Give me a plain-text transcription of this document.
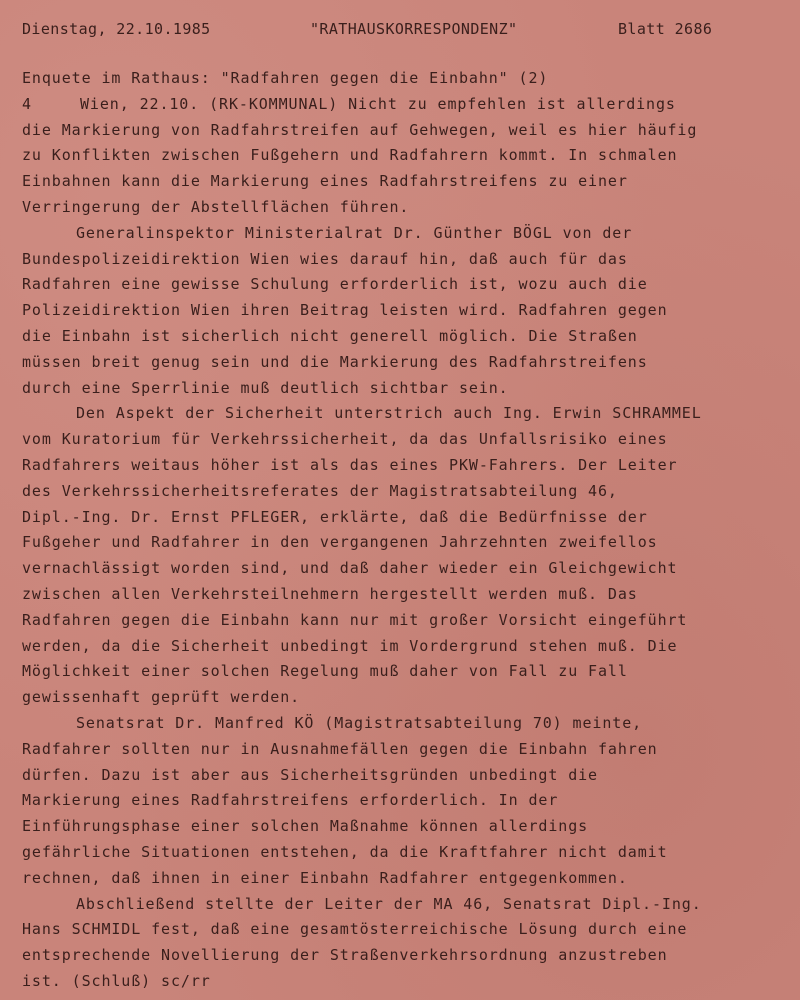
Dienstag, 22.10.1985	"RATHAUSKORRESPONDENZ"	Blatt 2686
Enquete im Rathaus: "Radfahren gegen die Einbahn" (2)
4	Wien, 22.10. (RK-KOMMUNAL) Nicht zu empfehlen ist allerdings
die Markierung von Radfahrstreifen auf Gehwegen, weil es hier häufig
zu Konflikten zwischen Fußgehern und Radfahrern kommt. In schmalen
Einbahnen kann die Markierung eines Radfahrstreifens zu einer
Verringerung der Abstellflächen führen.
Generalinspektor Ministerialrat Dr. Günther BÖGL von der
Bundespolizeidirektion Wien wies darauf hin, daß auch für das
Radfahren eine gewisse Schulung erforderlich ist, wozu auch die
Polizeidirektion Wien ihren Beitrag leisten wird. Radfahren gegen
die Einbahn ist sicherlich nicht generell möglich. Die Straßen
müssen breit genug sein und die Markierung des Radfahrstreifens
durch eine Sperrlinie muß deutlich sichtbar sein.
Den Aspekt der Sicherheit unterstrich auch Ing. Erwin SCHRAMMEL
vom Kuratorium für Verkehrssicherheit, da das Unfallsrisiko eines
Radfahrers weitaus höher ist als das eines PKW-Fahrers. Der Leiter
des Verkehrssicherheitsreferates der Magistratsabteilung 46,
Dipl.-Ing. Dr. Ernst PFLEGER, erklärte, daß die Bedürfnisse der
Fußgeher und Radfahrer in den vergangenen Jahrzehnten zweifellos
vernachlässigt worden sind, und daß daher wieder ein Gleichgewicht
zwischen allen Verkehrsteilnehmern hergestellt werden muß. Das
Radfahren gegen die Einbahn kann nur mit großer Vorsicht eingeführt
werden, da die Sicherheit unbedingt im Vordergrund stehen muß. Die
Möglichkeit einer solchen Regelung muß daher von Fall zu Fall
gewissenhaft geprüft werden.
Senatsrat Dr. Manfred KÖ (Magistratsabteilung 70) meinte,
Radfahrer sollten nur in Ausnahmefällen gegen die Einbahn fahren
dürfen. Dazu ist aber aus Sicherheitsgründen unbedingt die
Markierung eines Radfahrstreifens erforderlich. In der
Einführungsphase einer solchen Maßnahme können allerdings
gefährliche Situationen entstehen, da die Kraftfahrer nicht damit
rechnen, daß ihnen in einer Einbahn Radfahrer entgegenkommen.
Abschließend stellte der Leiter der MA 46, Senatsrat Dipl.-Ing.
Hans SCHMIDL fest, daß eine gesamtösterreichische Lösung durch eine
entsprechende Novellierung der Straßenverkehrsordnung anzustreben
ist. (Schluß) sc/rr
